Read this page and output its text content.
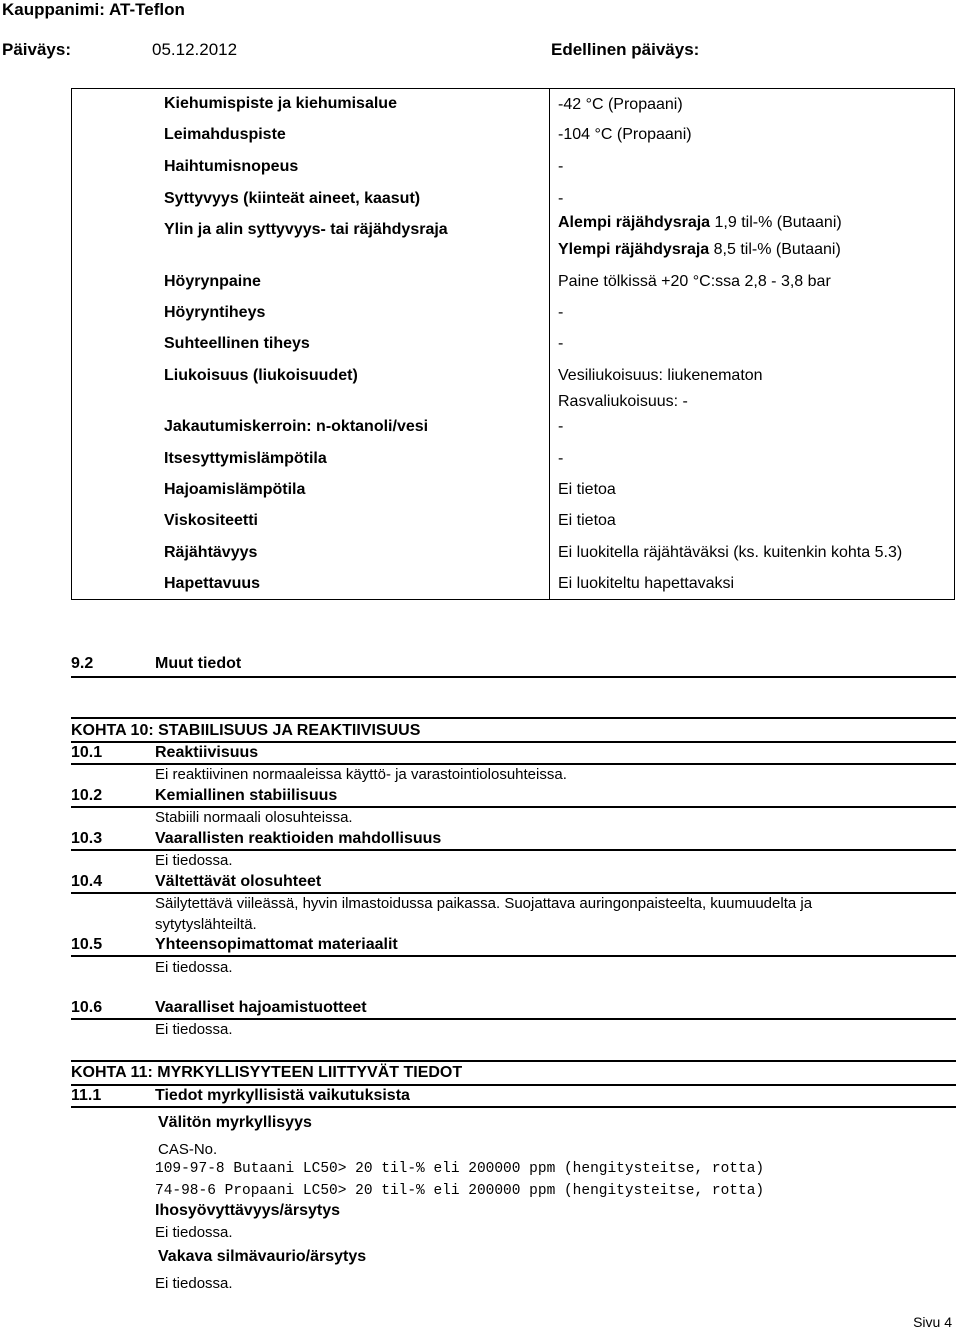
Kauppanimi: AT-Teflon
Päiväys:	05.12.2012	Edellinen päiväys:
Kiehumispiste ja kiehumisalue	-42 °C (Propaani)
Leimahduspiste	-104 °C (Propaani)
Haihtumisnopeus	-
Syttyvyys (kiinteät aineet, kaasut)	-
Ylin ja alin syttyvyys- tai räjähdysraja	Alempi räjähdysraja 1,9 til-% (Butaani)
Ylempi räjähdysraja 8,5 til-% (Butaani)
Höyrynpaine	Paine tölkissä +20 °C:ssa 2,8 - 3,8 bar
Höyryntiheys	-
Suhteellinen tiheys	-
Liukoisuus (liukoisuudet)	Vesiliukoisuus: liukenematon
Rasvaliukoisuus: -
Jakautumiskerroin: n-oktanoli/vesi	-
Itsesyttymislämpötila	-
Hajoamislämpötila	Ei tietoa
Viskositeetti	Ei tietoa
Räjähtävyys	Ei luokitella räjähtäväksi (ks. kuitenkin kohta 5.3)
Hapettavuus	Ei luokiteltu hapettavaksi
9.2	Muut tiedot
KOHTA 10: STABIILISUUS JA REAKTIIVISUUS
10.1	Reaktiivisuus
Ei reaktiivinen normaaleissa käyttö- ja varastointiolosuhteissa.
10.2	Kemiallinen stabiilisuus
Stabiili normaali olosuhteissa.
10.3	Vaarallisten reaktioiden mahdollisuus
Ei tiedossa.
10.4	Vältettävät olosuhteet
Säilytettävä viileässä, hyvin ilmastoidussa paikassa. Suojattava auringonpaisteelta, kuumuudelta ja
sytytyslähteiltä.
10.5	Yhteensopimattomat materiaalit
Ei tiedossa.
10.6	Vaaralliset hajoamistuotteet
Ei tiedossa.
KOHTA 11: MYRKYLLISYYTEEN LIITTYVÄT TIEDOT
11.1	Tiedot myrkyllisistä vaikutuksista
Välitön myrkyllisyys
CAS-No.
109-97-8 Butaani LC50> 20 til-% eli 200000 ppm (hengitysteitse, rotta)
74-98-6 Propaani LC50> 20 til-% eli 200000 ppm (hengitysteitse, rotta)
Ihosyövyttävyys/ärsytys
Ei tiedossa.
Vakava silmävaurio/ärsytys
Ei tiedossa.
Sivu 4
